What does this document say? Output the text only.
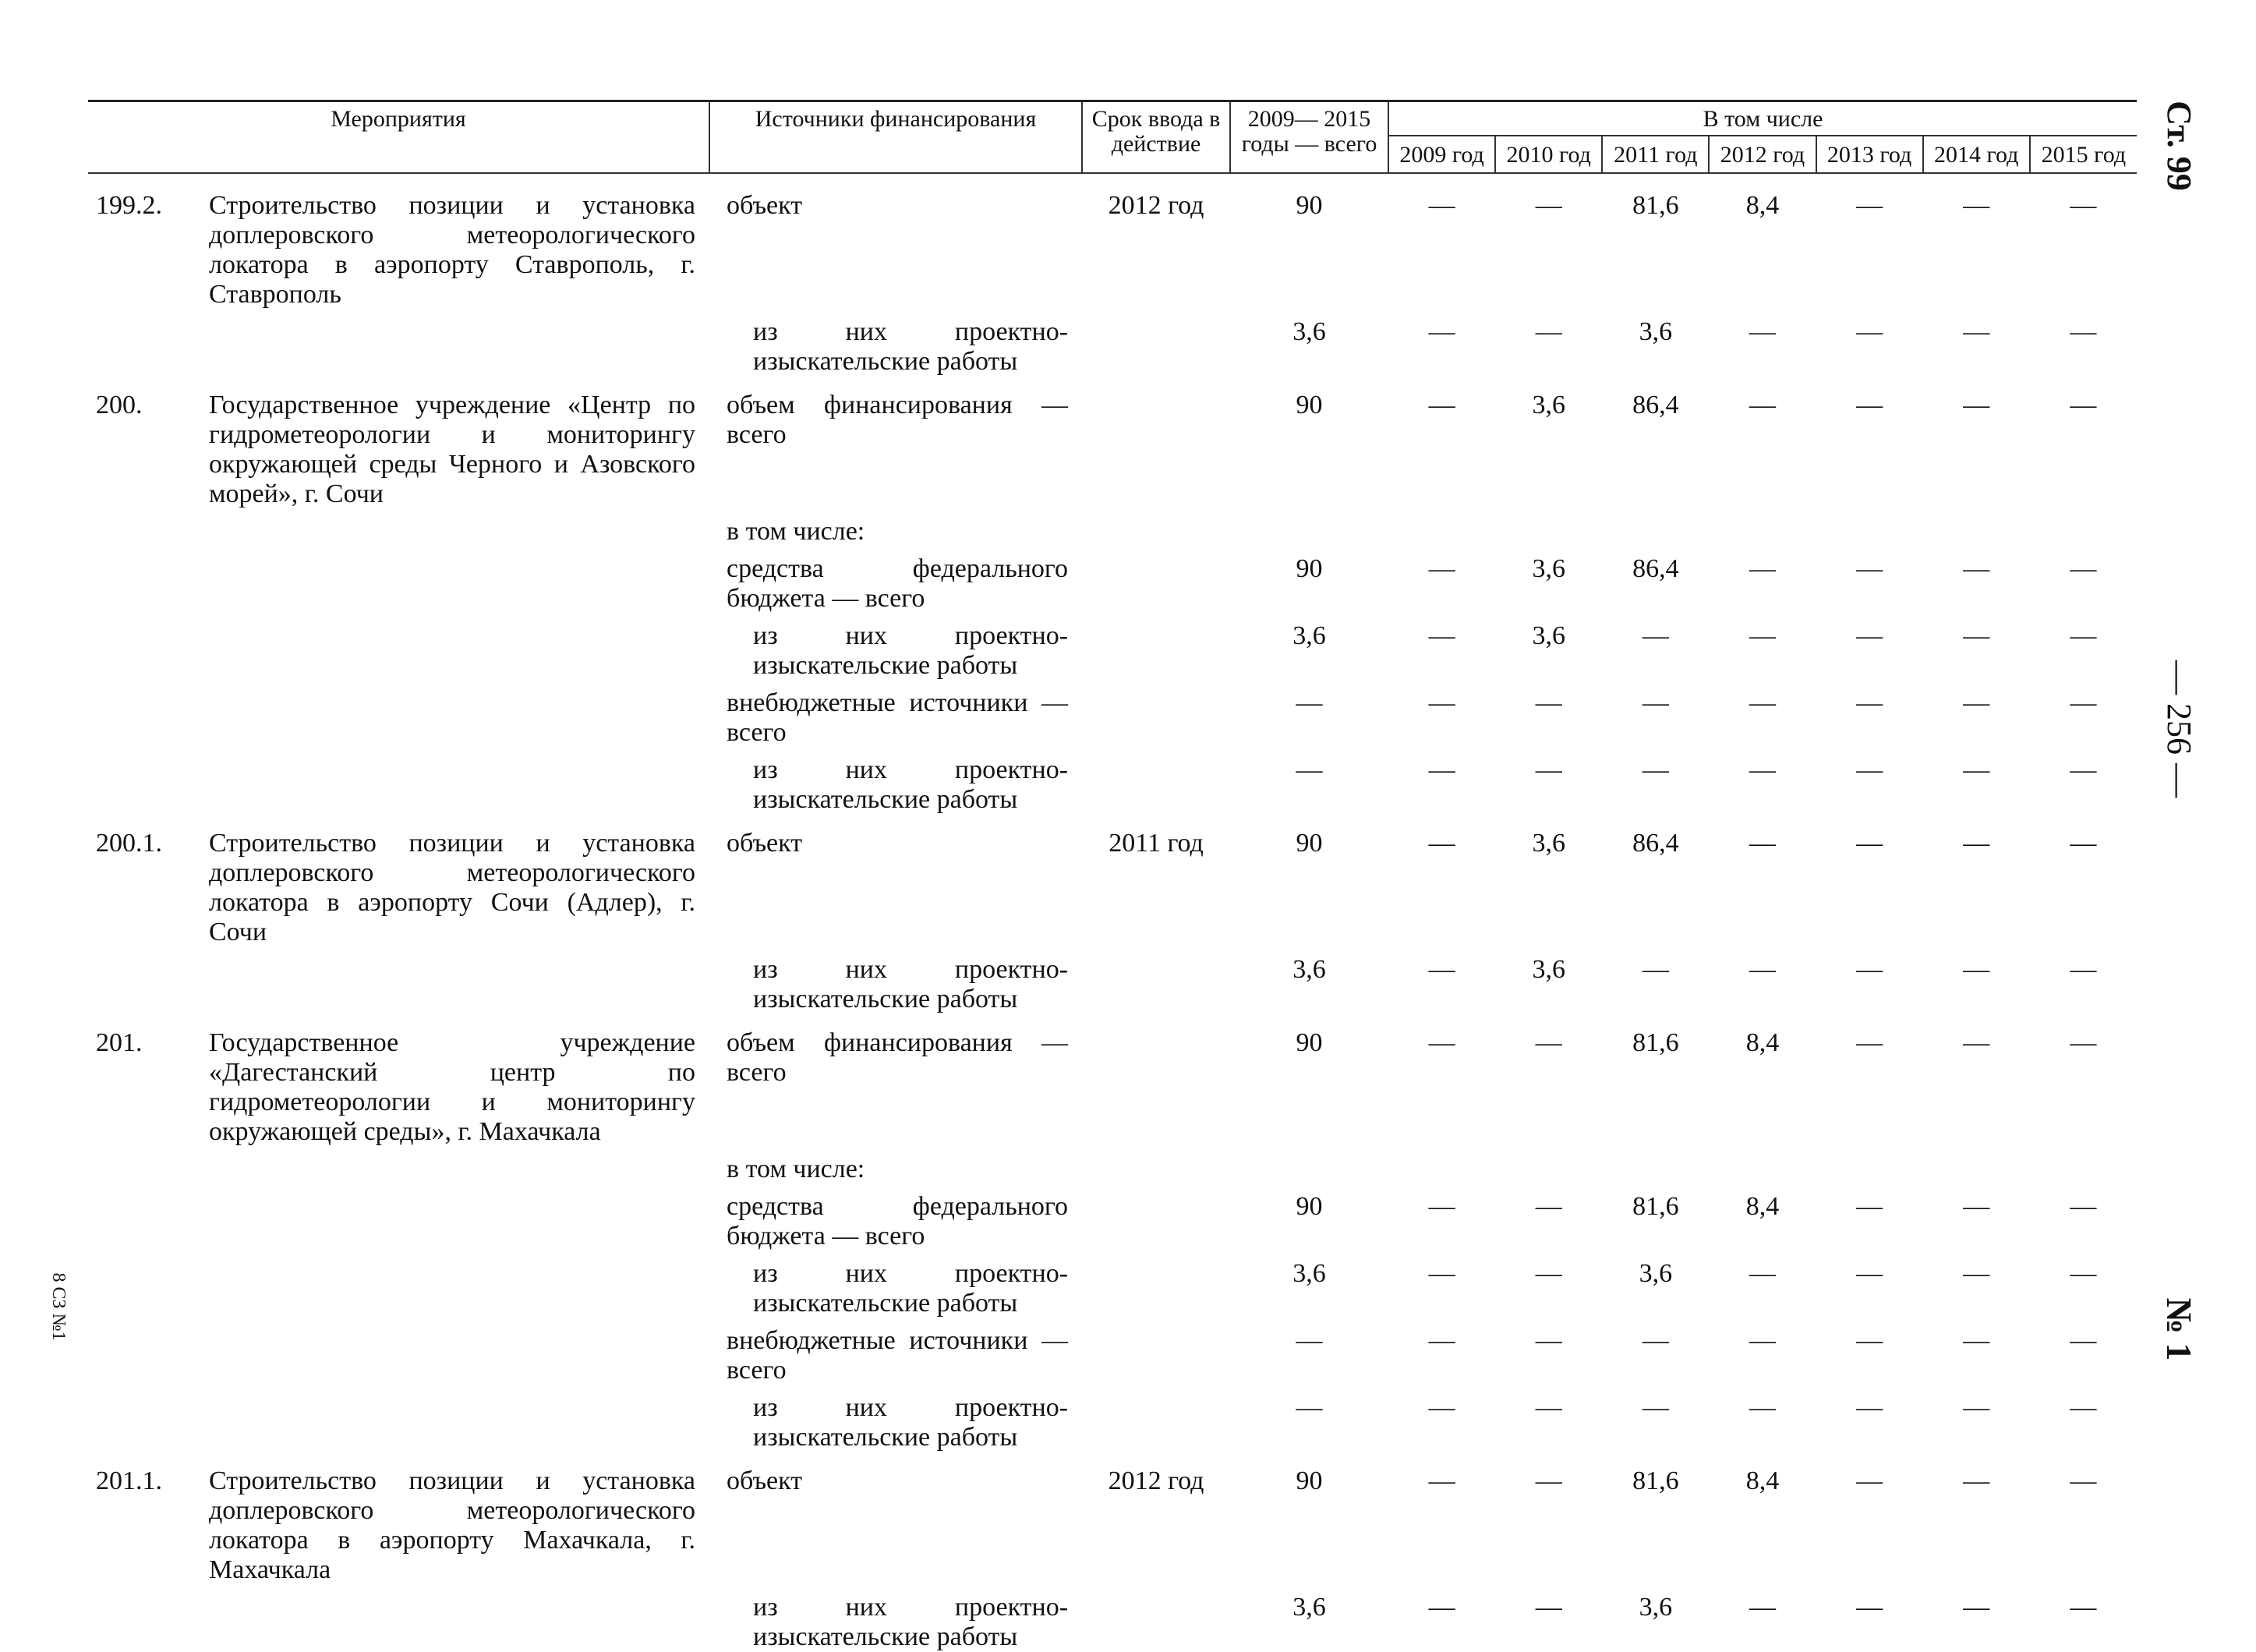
Ст. 99
— 256 —
№ 1
8 СЗ №1
Мероприятия		Источники финансирования	Срок ввода в действие	2009— 2015 годы — всего	В том числе						
					2009 год	2010 год	2011 год	2012 год	2013 год	2014 год	2015 год
199.2.	Строительство позиции и установка доплеровского метеорологического локатора в аэропорту Ставрополь, г. Ставрополь	объект	2012 год	90	—	—	81,6	8,4	—	—	—
		из них проектно-изыскательские работы		3,6	—	—	3,6	—	—	—	—
200.	Государственное учреждение «Центр по гидрометеорологии и мониторингу окружающей среды Черного и Азовского морей», г. Сочи	объем финансирования — всего		90	—	3,6	86,4	—	—	—	—
		в том числе:									
		средства федерального бюджета — всего		90	—	3,6	86,4	—	—	—	—
		из них проектно-изыскательские работы		3,6	—	3,6	—	—	—	—	—
		внебюджетные источники — всего		—	—	—	—	—	—	—	—
		из них проектно-изыскательские работы		—	—	—	—	—	—	—	—
200.1.	Строительство позиции и установка доплеровского метеорологического локатора в аэропорту Сочи (Адлер), г. Сочи	объект	2011 год	90	—	3,6	86,4	—	—	—	—
		из них проектно-изыскательские работы		3,6	—	3,6	—	—	—	—	—
201.	Государственное учреждение «Дагестанский центр по гидрометеорологии и мониторингу окружающей среды», г. Махачкала	объем финансирования — всего		90	—	—	81,6	8,4	—	—	—
		в том числе:									
		средства федерального бюджета — всего		90	—	—	81,6	8,4	—	—	—
		из них проектно-изыскательские работы		3,6	—	—	3,6	—	—	—	—
		внебюджетные источники — всего		—	—	—	—	—	—	—	—
		из них проектно-изыскательские работы		—	—	—	—	—	—	—	—
201.1.	Строительство позиции и установка доплеровского метеорологического локатора в аэропорту Махачкала, г. Махачкала	объект	2012 год	90	—	—	81,6	8,4	—	—	—
		из них проектно-изыскательские работы		3,6	—	—	3,6	—	—	—	—
